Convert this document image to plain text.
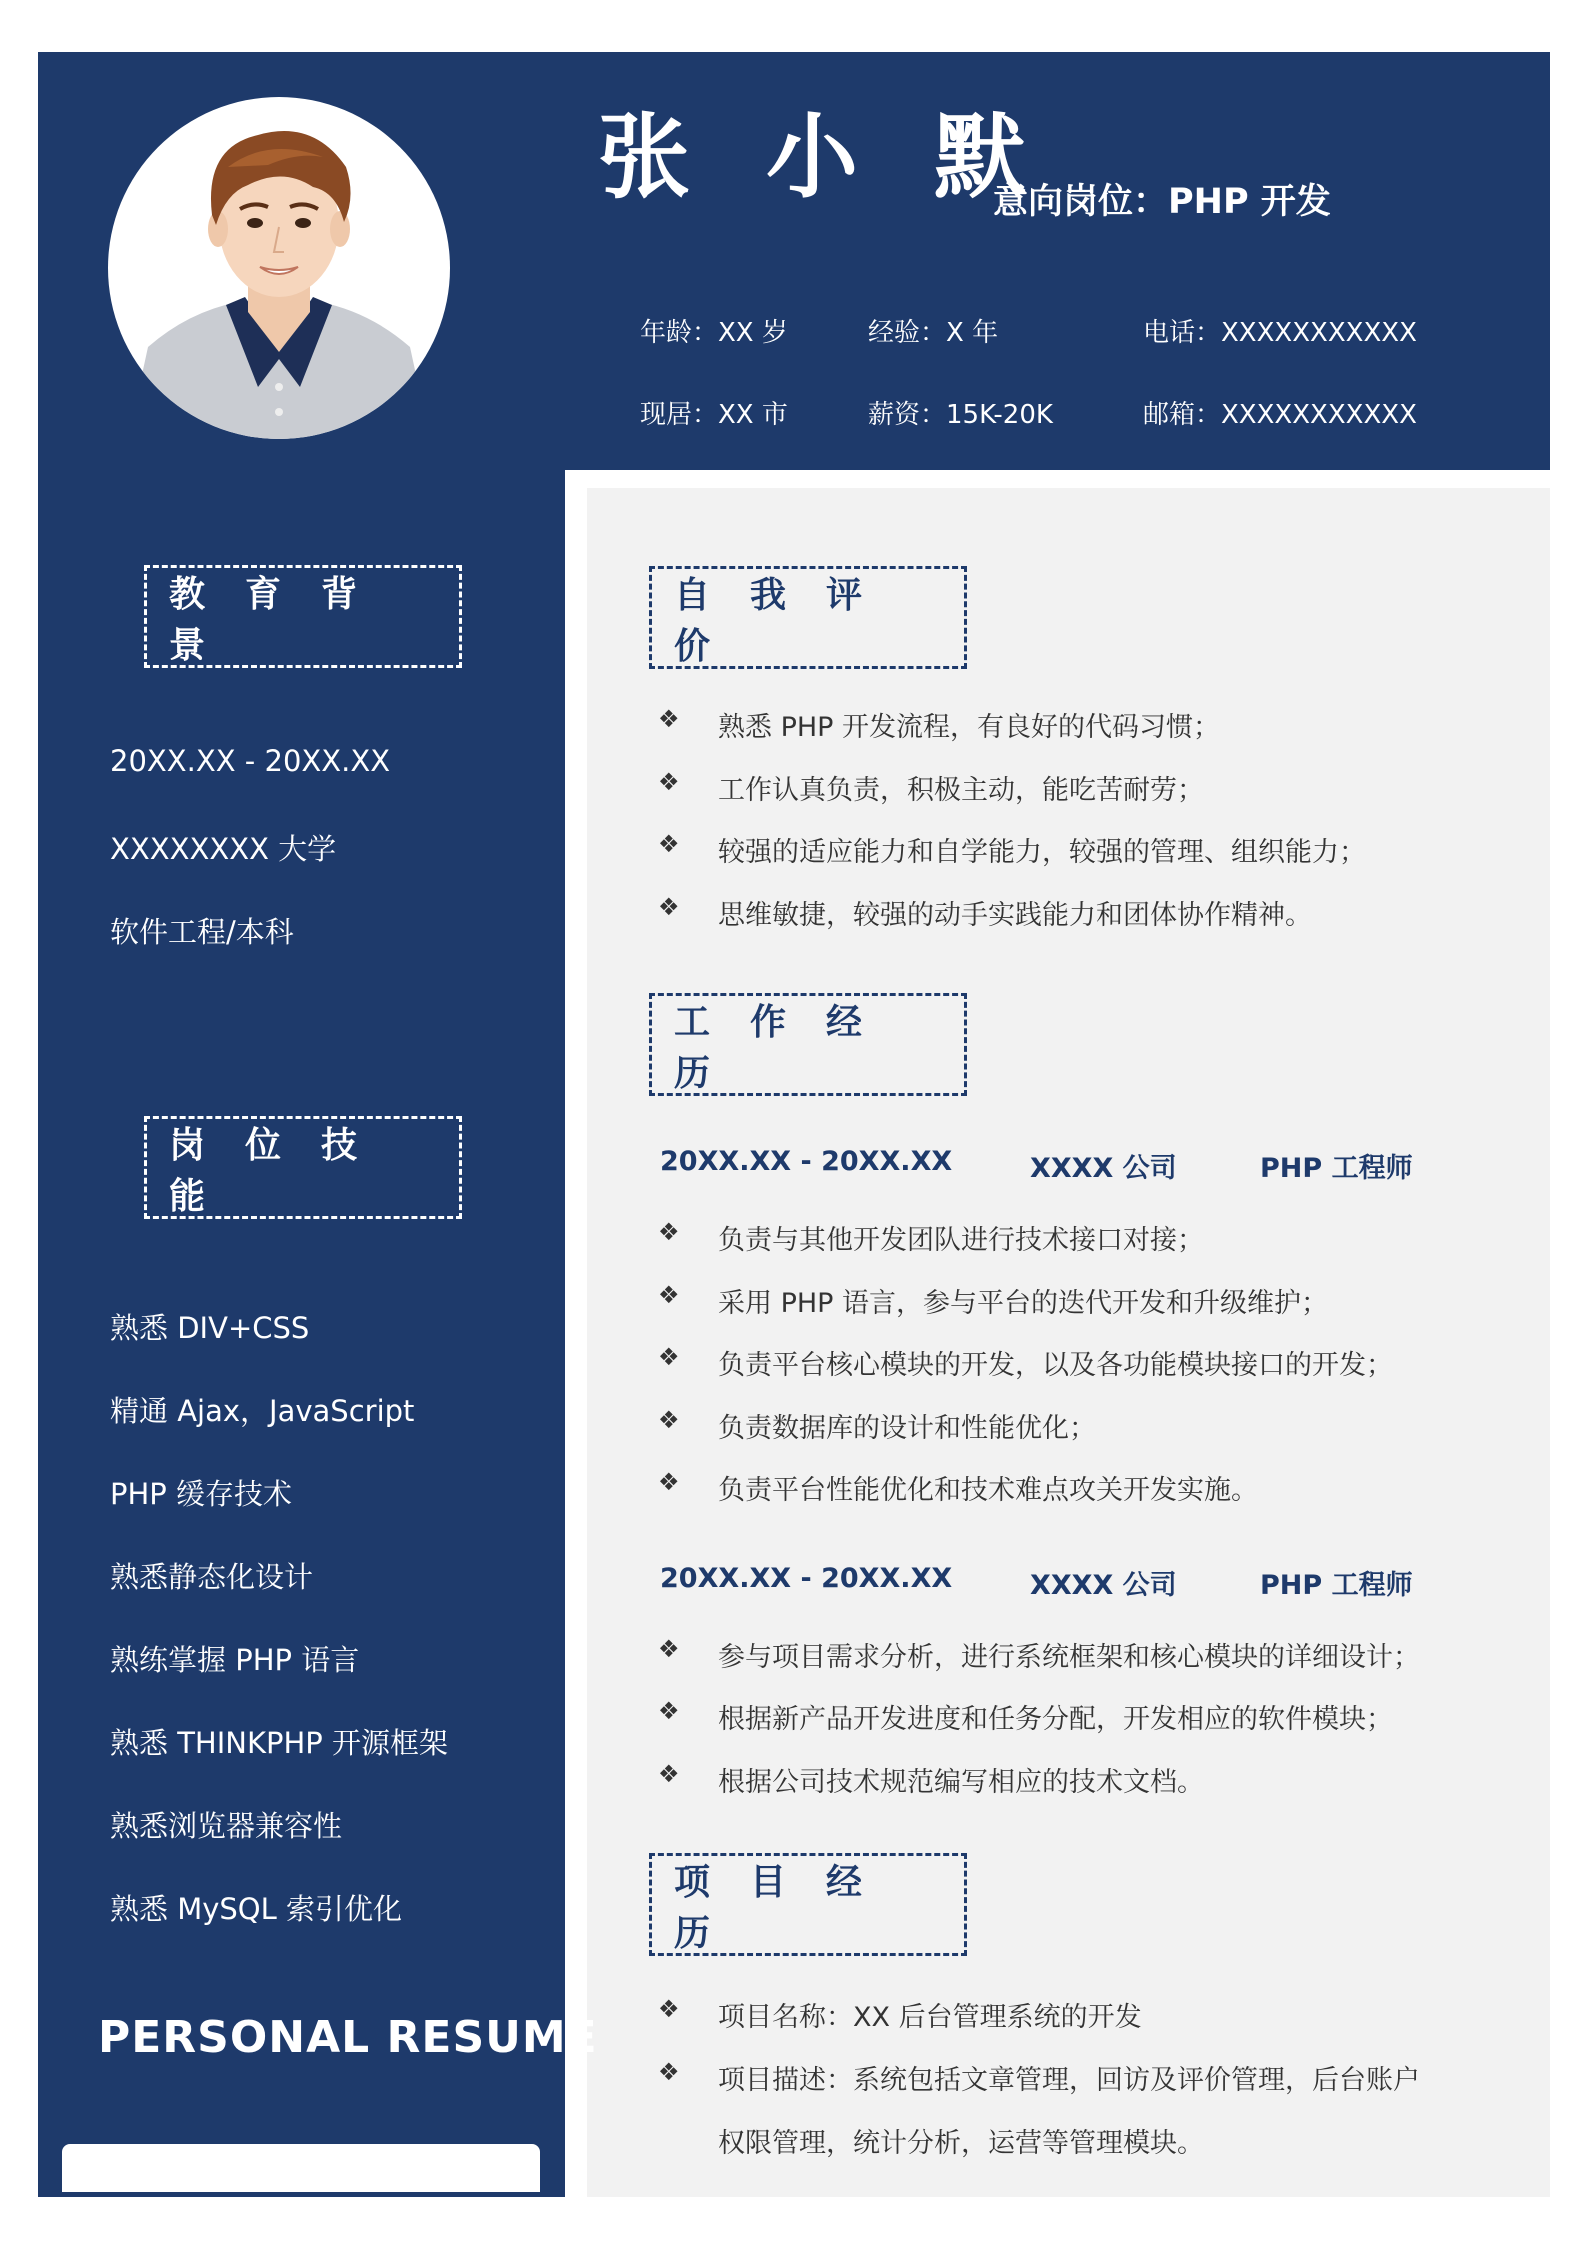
张 小 默
意向岗位：PHP 开发
年龄：XX 岁	经验：X 年	电话：XXXXXXXXXXX
现居：XX 市	薪资：15K-20K	邮箱：XXXXXXXXXXX
教育背景
20XX.XX - 20XX.XX
XXXXXXXX 大学
软件工程/本科
岗位技能
熟悉 DIV+CSS
精通 Ajax，JavaScript
PHP 缓存技术
熟悉静态化设计
熟练掌握 PHP 语言
熟悉 THINKPHP 开源框架
熟悉浏览器兼容性
熟悉 MySQL 索引优化
PERSONAL RESUME
自我评价
❖	熟悉 PHP 开发流程，有良好的代码习惯；
❖	工作认真负责，积极主动，能吃苦耐劳；
❖	较强的适应能力和自学能力，较强的管理、组织能力；
❖	思维敏捷，较强的动手实践能力和团体协作精神。
工作经历
20XX.XX - 20XX.XX	XXXX 公司	PHP 工程师
❖	负责与其他开发团队进行技术接口对接；
❖	采用 PHP 语言，参与平台的迭代开发和升级维护；
❖	负责平台核心模块的开发，以及各功能模块接口的开发；
❖	负责数据库的设计和性能优化；
❖	负责平台性能优化和技术难点攻关开发实施。
20XX.XX - 20XX.XX	XXXX 公司	PHP 工程师
❖	参与项目需求分析，进行系统框架和核心模块的详细设计；
❖	根据新产品开发进度和任务分配，开发相应的软件模块；
❖	根据公司技术规范编写相应的技术文档。
项目经历
❖	项目名称：XX 后台管理系统的开发
❖	项目描述：系统包括文章管理，回访及评价管理，后台账户
权限管理，统计分析，运营等管理模块。
